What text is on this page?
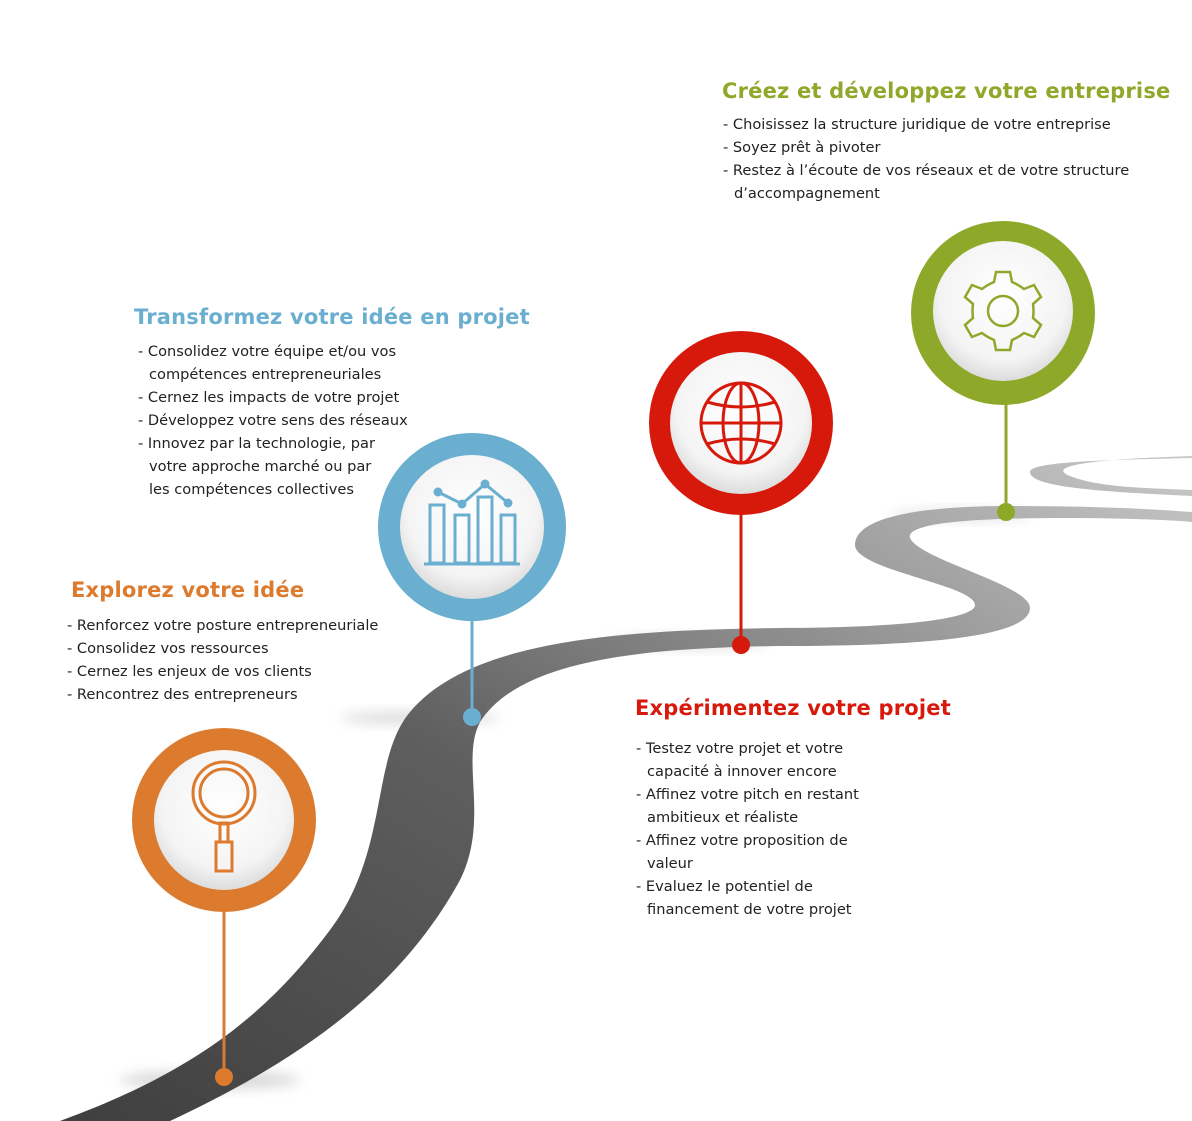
Explorez votre idée
- Renforcez votre posture entrepreneuriale
- Consolidez vos ressources
- Cernez les enjeux de vos clients
- Rencontrez des entrepreneurs
Transformez votre idée en projet
- Consolidez votre équipe et/ou vos
compétences entrepreneuriales
- Cernez les impacts de votre projet
- Développez votre sens des réseaux
- Innovez par la technologie, par
votre approche marché ou par
les compétences collectives
Expérimentez votre projet
- Testez votre projet et votre
capacité à innover encore
- Affinez votre pitch en restant
ambitieux et réaliste
- Affinez votre proposition de
valeur
- Evaluez le potentiel de
financement de votre projet
Créez et développez votre entreprise
- Choisissez la structure juridique de votre entreprise
- Soyez prêt à pivoter
- Restez à l’écoute de vos réseaux et de votre structure
d’accompagnement
